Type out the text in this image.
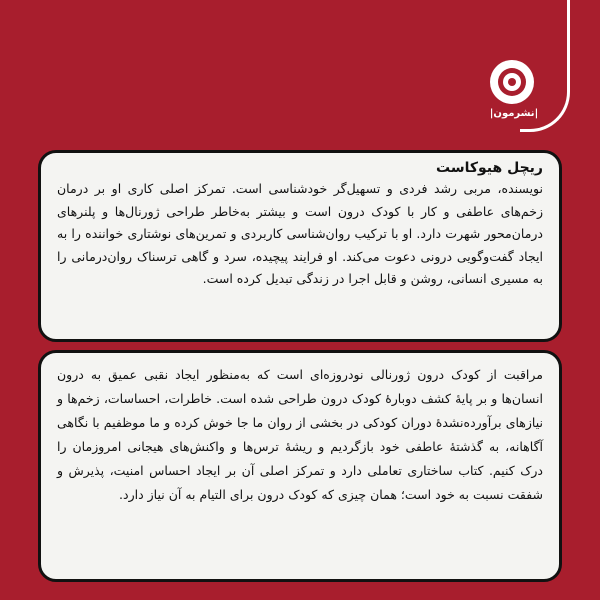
|نشرمون|

ریچل هیوکاست

نویسنده، مربی رشد فردی و تسهیل‌گر خودشناسی است. تمرکز اصلی کاری او بر درمان زخم‌های عاطفی و کار با کودک درون است و بیشتر به‌خاطر طراحی ژورنال‌ها و پلنرهای درمان‌محور شهرت دارد. او با ترکیب روان‌شناسی کاربردی و تمرین‌های نوشتاری خواننده را به ایجاد گفت‌وگویی درونی دعوت می‌کند. او فرایند پیچیده، سرد و گاهی ترسناک روان‌درمانی را به مسیری انسانی، روشن و قابل اجرا در زندگی تبدیل کرده است.

مراقبت از کودک درون ژورنالی نودروزه‌ای است که به‌منظور ایجاد نقبی عمیق به درون انسان‌ها و بر پایهٔ کشف دوبارهٔ کودک درون طراحی شده است. خاطرات، احساسات، زخم‌ها و نیازهای برآورده‌نشدهٔ دوران کودکی در بخشی از روان ما جا خوش کرده و ما موظفیم با نگاهی آگاهانه، به گذشتهٔ عاطفی خود بازگردیم و ریشهٔ ترس‌ها و واکنش‌های هیجانی امروزمان را درک کنیم. کتاب ساختاری تعاملی دارد و تمرکز اصلی آن بر ایجاد احساس امنیت، پذیرش و شفقت نسبت به خود است؛ همان چیزی که کودک درون برای التیام به آن نیاز دارد.
